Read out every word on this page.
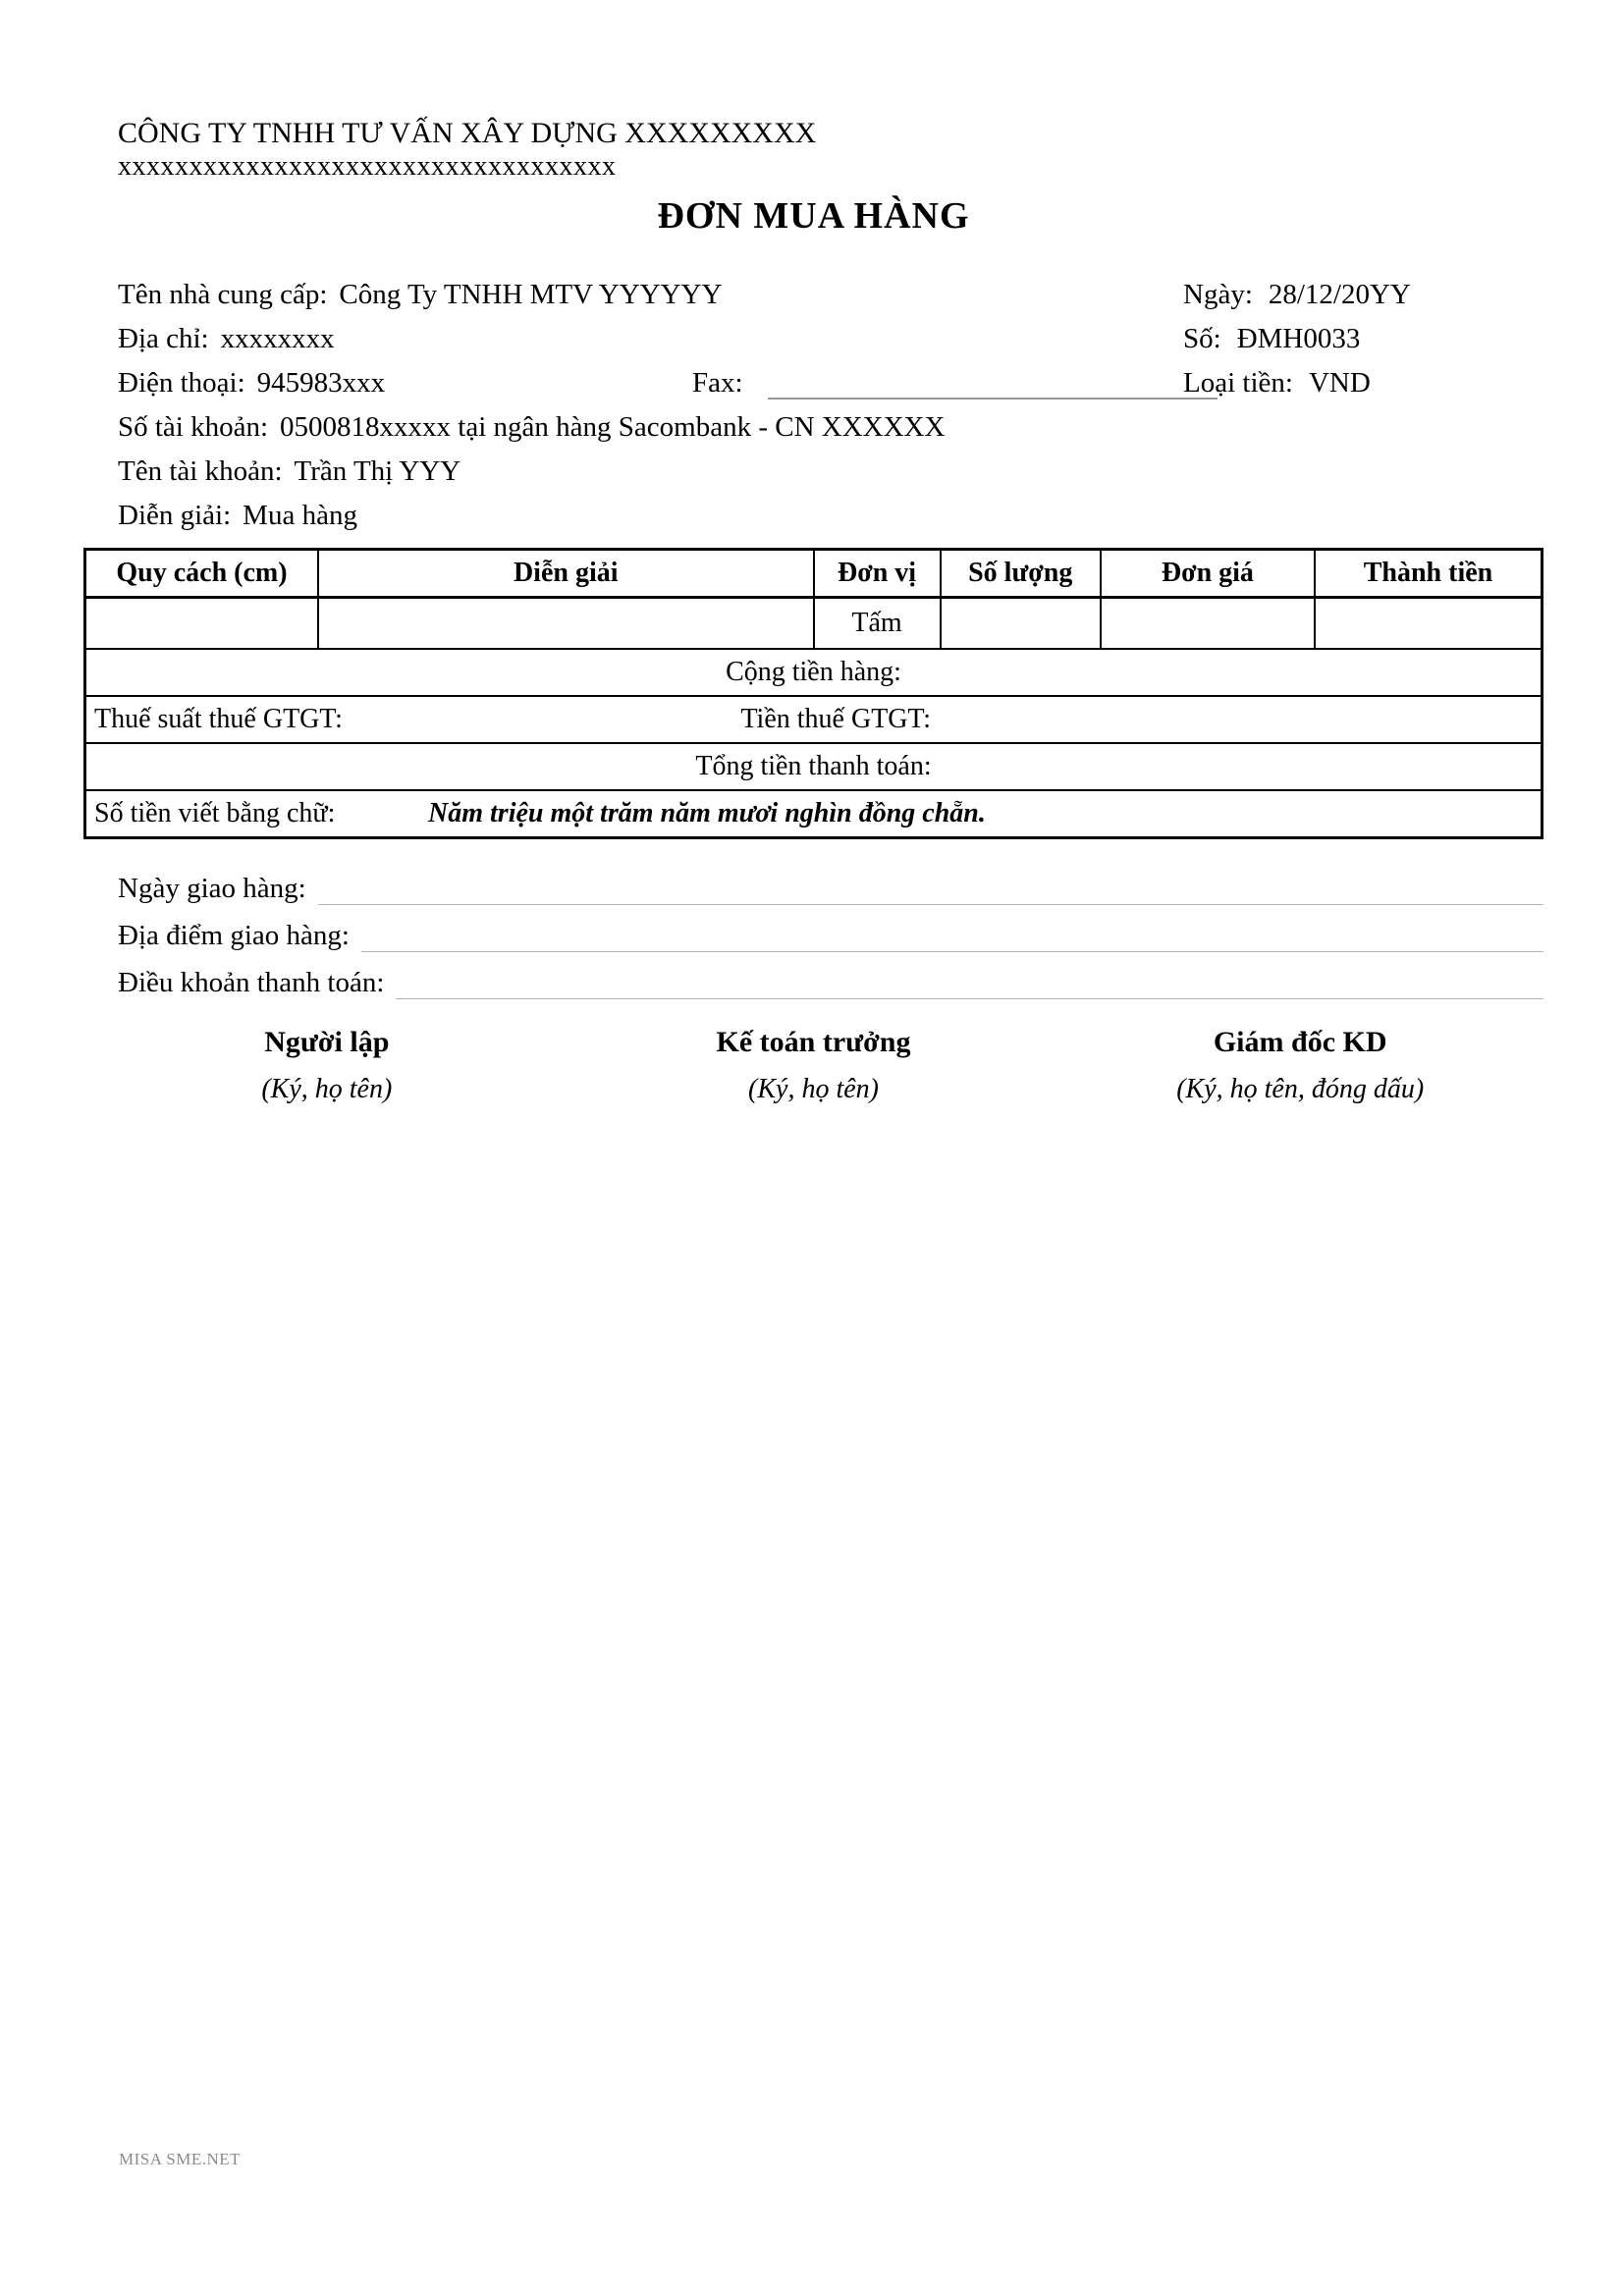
CÔNG TY TNHH TƯ VẤN XÂY DỰNG XXXXXXXXX
xxxxxxxxxxxxxxxxxxxxxxxxxxxxxxxxxxx
ĐƠN MUA HÀNG
Tên nhà cung cấp: Công Ty TNHH MTV YYYYYY
Địa chỉ: xxxxxxxx
Điện thoại: 945983xxx	Fax:
Số tài khoản: 0500818xxxxx tại ngân hàng Sacombank - CN XXXXXX
Tên tài khoản: Trần Thị YYY
Diễn giải: Mua hàng
Ngày: 28/12/20YY
Số: ĐMH0033
Loại tiền: VND
Quy cách (cm)	Diễn giải	Đơn vị	Số lượng	Đơn giá	Thành tiền
		Tấm			
Cộng tiền hàng:					

Thuế suất thuế GTGT: Tiền thuế GTGT:					

Tổng tiền thanh toán:					

Số tiền viết bằng chữ: Năm triệu một trăm năm mươi nghìn đồng chẵn.					
Ngày giao hàng:
Địa điểm giao hàng:
Điều khoản thanh toán:
Người lập
(Ký, họ tên)
Kế toán trưởng
(Ký, họ tên)
Giám đốc KD
(Ký, họ tên, đóng dấu)
MISA SME.NET
